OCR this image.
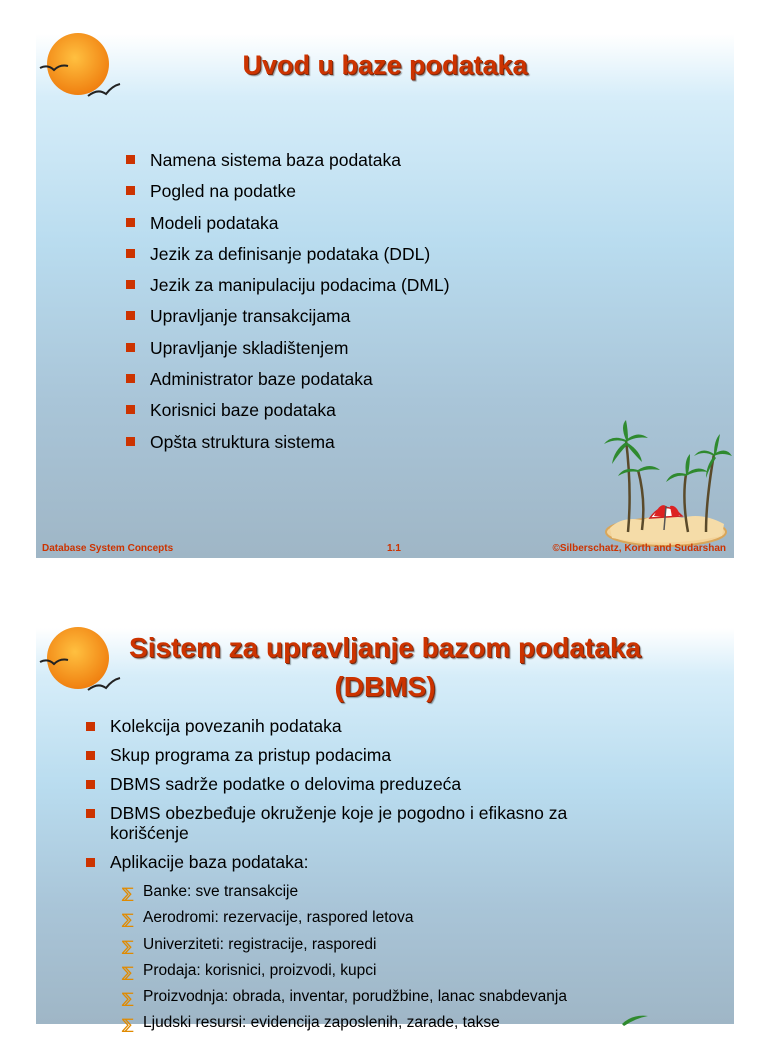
Uvod u baze podataka
Namena sistema baza podataka
Pogled na podatke
Modeli podataka
Jezik za definisanje podataka (DDL)
Jezik za manipulaciju podacima (DML)
Upravljanje transakcijama
Upravljanje skladištenjem
Administrator baze podataka
Korisnici baze podataka
Opšta struktura sistema
Database System Concepts	1.1	©Silberschatz, Korth and Sudarshan
Sistem za upravljanje bazom podataka
(DBMS)
Kolekcija povezanih podataka
Skup programa za pristup podacima
DBMS sadrže podatke o delovima preduzeća
DBMS obezbeđuje okruženje koje je pogodno i efikasno za korišćenje
Aplikacije baza podataka:
⅀ Banke: sve transakcije
⅀ Aerodromi: rezervacije, raspored letova
⅀ Univerziteti: registracije, rasporedi
⅀ Prodaja: korisnici, proizvodi, kupci
⅀ Proizvodnja: obrada, inventar, porudžbine, lanac snabdevanja
⅀ Ljudski resursi: evidencija zaposlenih, zarade, takse
